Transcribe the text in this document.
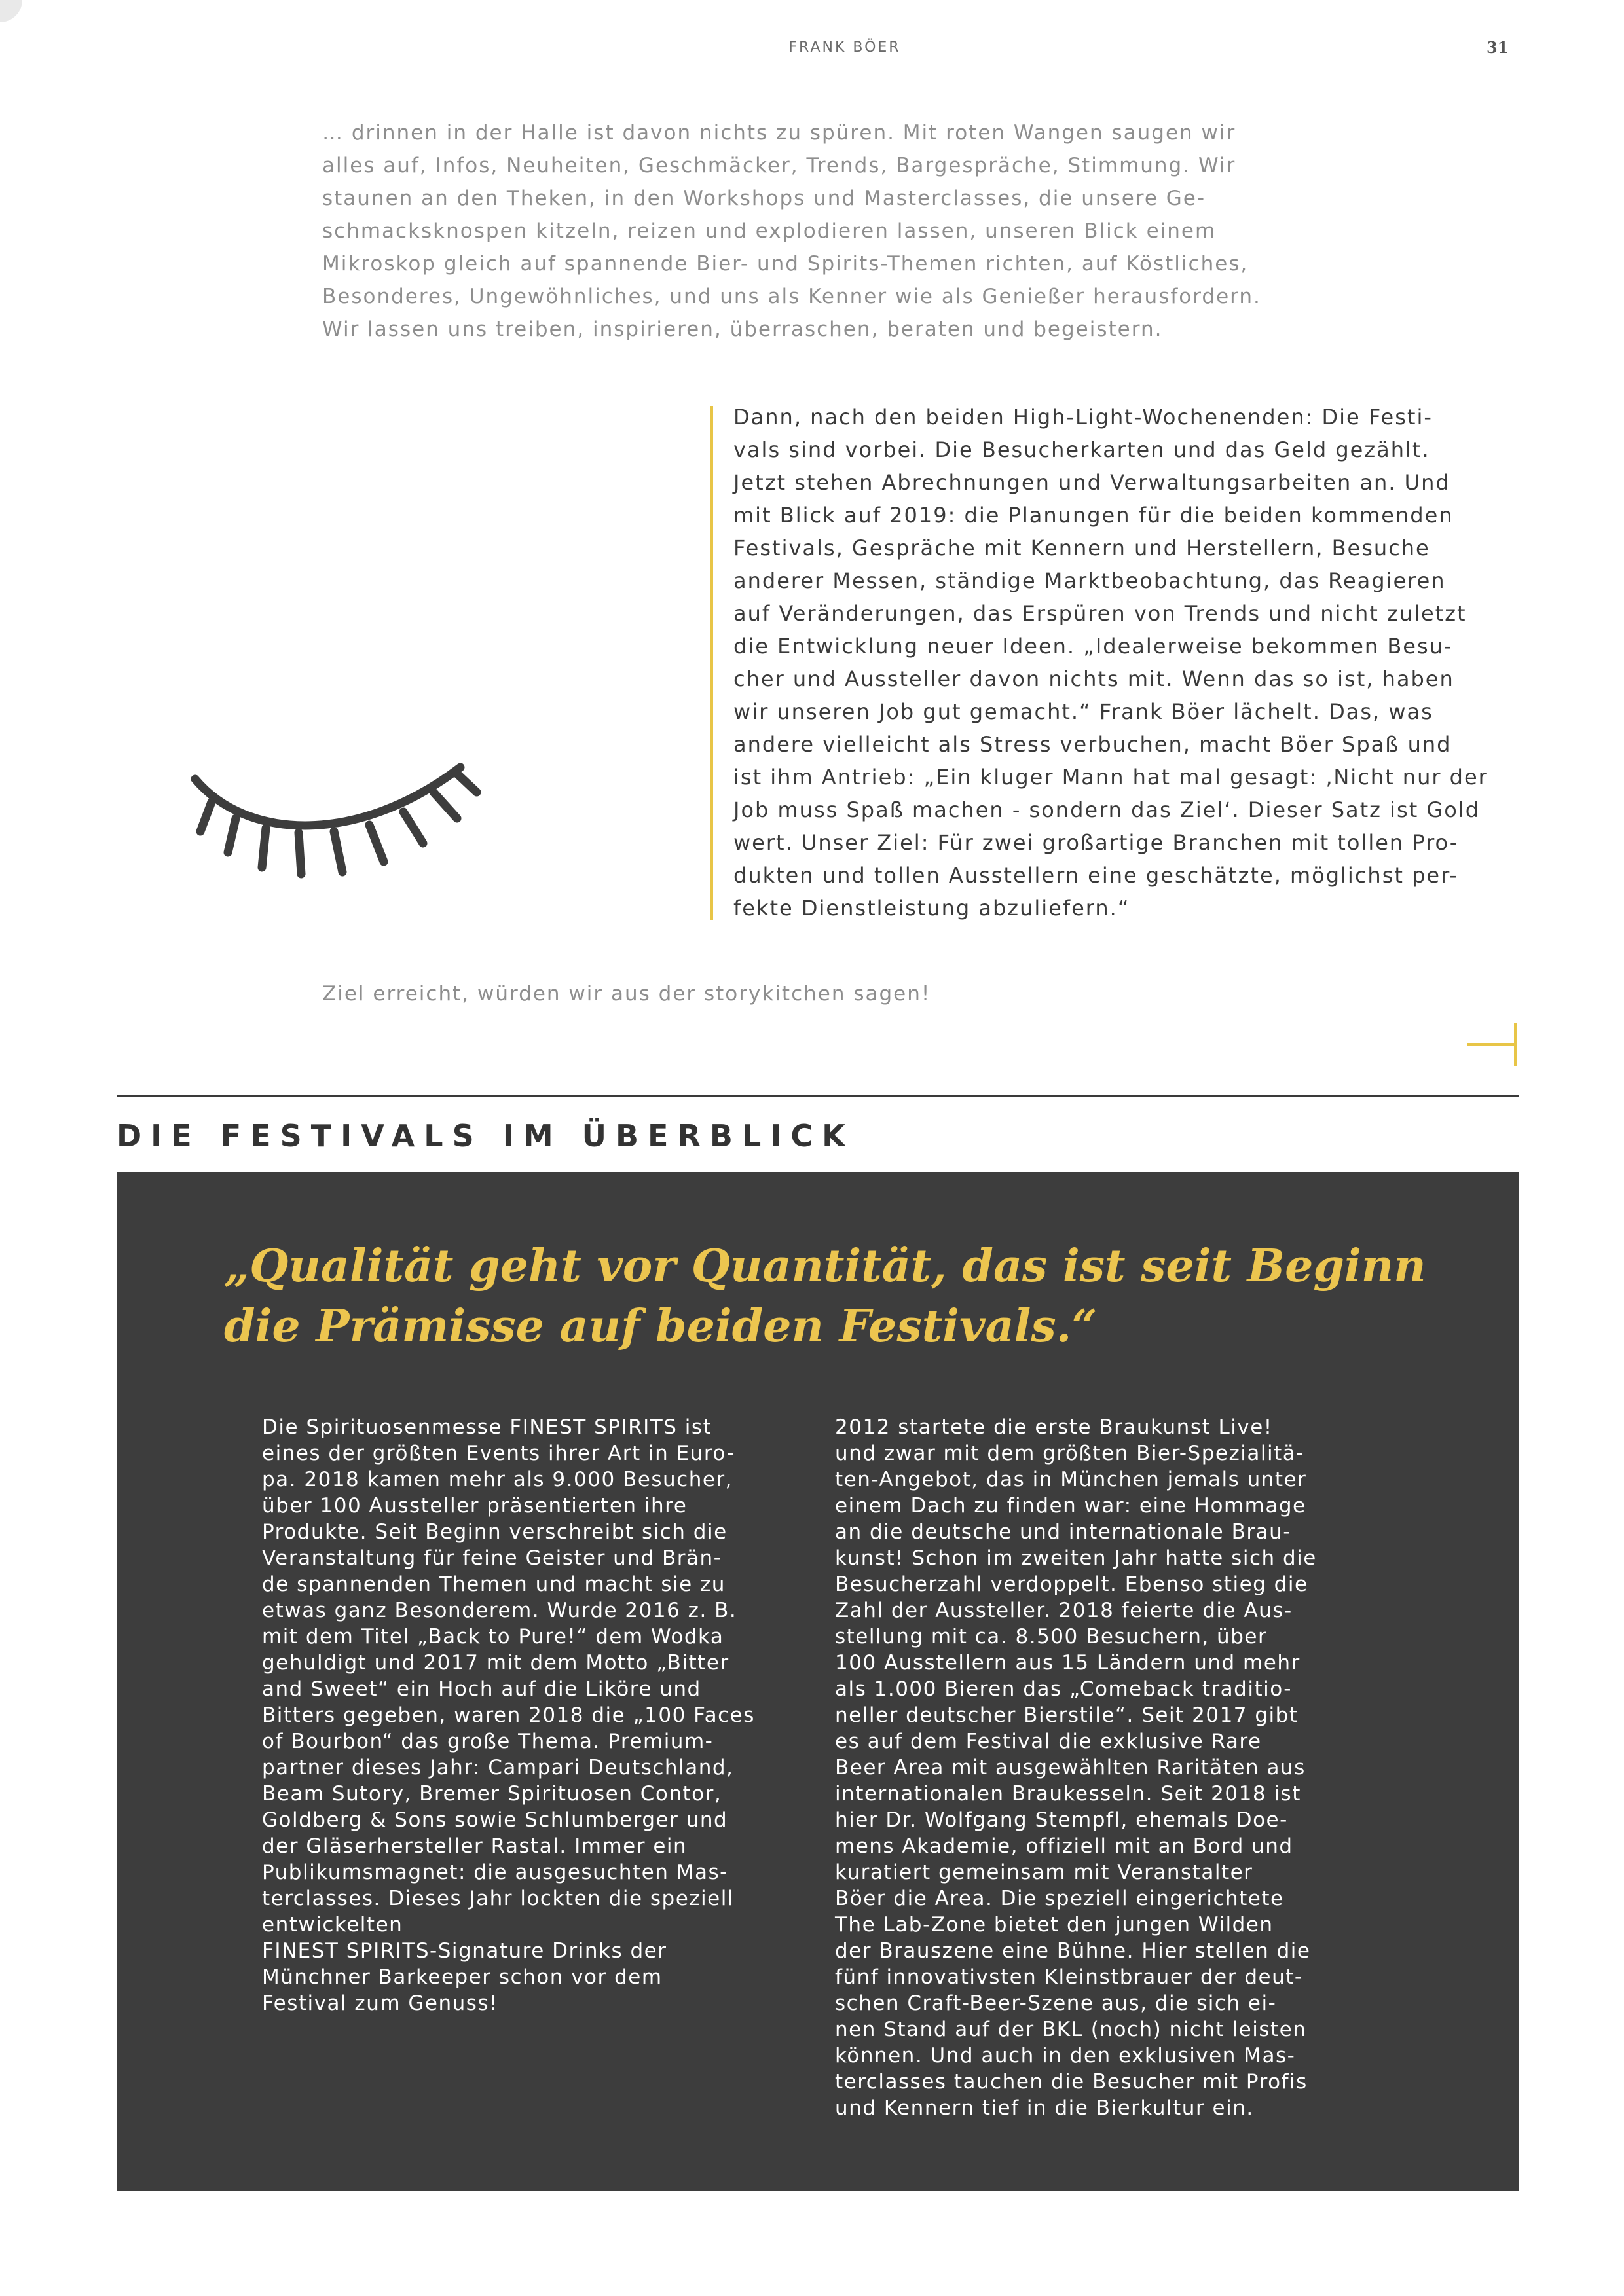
FRANK BÖER	31

… drinnen in der Halle ist davon nichts zu spüren. Mit roten Wangen saugen wir

alles auf, Infos, Neuheiten, Geschmäcker, Trends, Bargespräche, Stimmung. Wir

staunen an den Theken, in den Workshops und Masterclasses, die unsere Ge-

schmacksknospen kitzeln, reizen und explodieren lassen, unseren Blick einem

Mikroskop gleich auf spannende Bier- und Spirits-Themen richten, auf Köstliches,

Besonderes, Ungewöhnliches, und uns als Kenner wie als Genießer herausfordern.

Wir lassen uns treiben, inspirieren, überraschen, beraten und begeistern.

Dann, nach den beiden High-Light-Wochenenden: Die Festi-

vals sind vorbei. Die Besucherkarten und das Geld gezählt.

Jetzt stehen Abrechnungen und Verwaltungsarbeiten an. Und

mit Blick auf 2019: die Planungen für die beiden kommenden

Festivals, Gespräche mit Kennern und Herstellern, Besuche

anderer Messen, ständige Marktbeobachtung, das Reagieren

auf Veränderungen, das Erspüren von Trends und nicht zuletzt

die Entwicklung neuer Ideen. „Idealerweise bekommen Besu-

cher und Aussteller davon nichts mit. Wenn das so ist, haben

wir unseren Job gut gemacht.“ Frank Böer lächelt. Das, was

andere vielleicht als Stress verbuchen, macht Böer Spaß und

ist ihm Antrieb: „Ein kluger Mann hat mal gesagt: ‚Nicht nur der

Job muss Spaß machen - sondern das Ziel‘. Dieser Satz ist Gold

wert. Unser Ziel: Für zwei großartige Branchen mit tollen Pro-

dukten und tollen Ausstellern eine geschätzte, möglichst per-

fekte Dienstleistung abzuliefern.“

Ziel erreicht, würden wir aus der storykitchen sagen!
DIE FESTIVALS IM ÜBERBLICK

„Qualität geht vor Quantität, das ist seit Beginn

die Prämisse auf beiden Festivals.“

Die Spirituosenmesse FINEST SPIRITS ist

eines der größten Events ihrer Art in Euro-

pa. 2018 kamen mehr als 9.000 Besucher,

über 100 Aussteller präsentierten ihre

Produkte. Seit Beginn verschreibt sich die

Veranstaltung für feine Geister und Brän-

de spannenden Themen und macht sie zu

etwas ganz Besonderem. Wurde 2016 z. B.

mit dem Titel „Back to Pure!“ dem Wodka

gehuldigt und 2017 mit dem Motto „Bitter

and Sweet“ ein Hoch auf die Liköre und

Bitters gegeben, waren 2018 die „100 Faces

of Bourbon“ das große Thema. Premium-

partner dieses Jahr: Campari Deutschland,

Beam Sutory, Bremer Spirituosen Contor,

Goldberg & Sons sowie Schlumberger und

der Gläserhersteller Rastal. Immer ein

Publikumsmagnet: die ausgesuchten Mas-

terclasses. Dieses Jahr lockten die speziell

entwickelten

FINEST SPIRITS-Signature Drinks der

Münchner Barkeeper schon vor dem

Festival zum Genuss!

2012 startete die erste Braukunst Live!

und zwar mit dem größten Bier-Spezialitä-

ten-Angebot, das in München jemals unter

einem Dach zu finden war: eine Hommage

an die deutsche und internationale Brau-

kunst! Schon im zweiten Jahr hatte sich die

Besucherzahl verdoppelt. Ebenso stieg die

Zahl der Aussteller. 2018 feierte die Aus-

stellung mit ca. 8.500 Besuchern, über

100 Ausstellern aus 15 Ländern und mehr

als 1.000 Bieren das „Comeback traditio-

neller deutscher Bierstile“. Seit 2017 gibt

es auf dem Festival die exklusive Rare

Beer Area mit ausgewählten Raritäten aus

internationalen Braukesseln. Seit 2018 ist

hier Dr. Wolfgang Stempfl, ehemals Doe-

mens Akademie, offiziell mit an Bord und

kuratiert gemeinsam mit Veranstalter

Böer die Area. Die speziell eingerichtete

The Lab-Zone bietet den jungen Wilden

der Brauszene eine Bühne. Hier stellen die

fünf innovativsten Kleinstbrauer der deut-

schen Craft-Beer-Szene aus, die sich ei-

nen Stand auf der BKL (noch) nicht leisten

können. Und auch in den exklusiven Mas-

terclasses tauchen die Besucher mit Profis

und Kennern tief in die Bierkultur ein.
